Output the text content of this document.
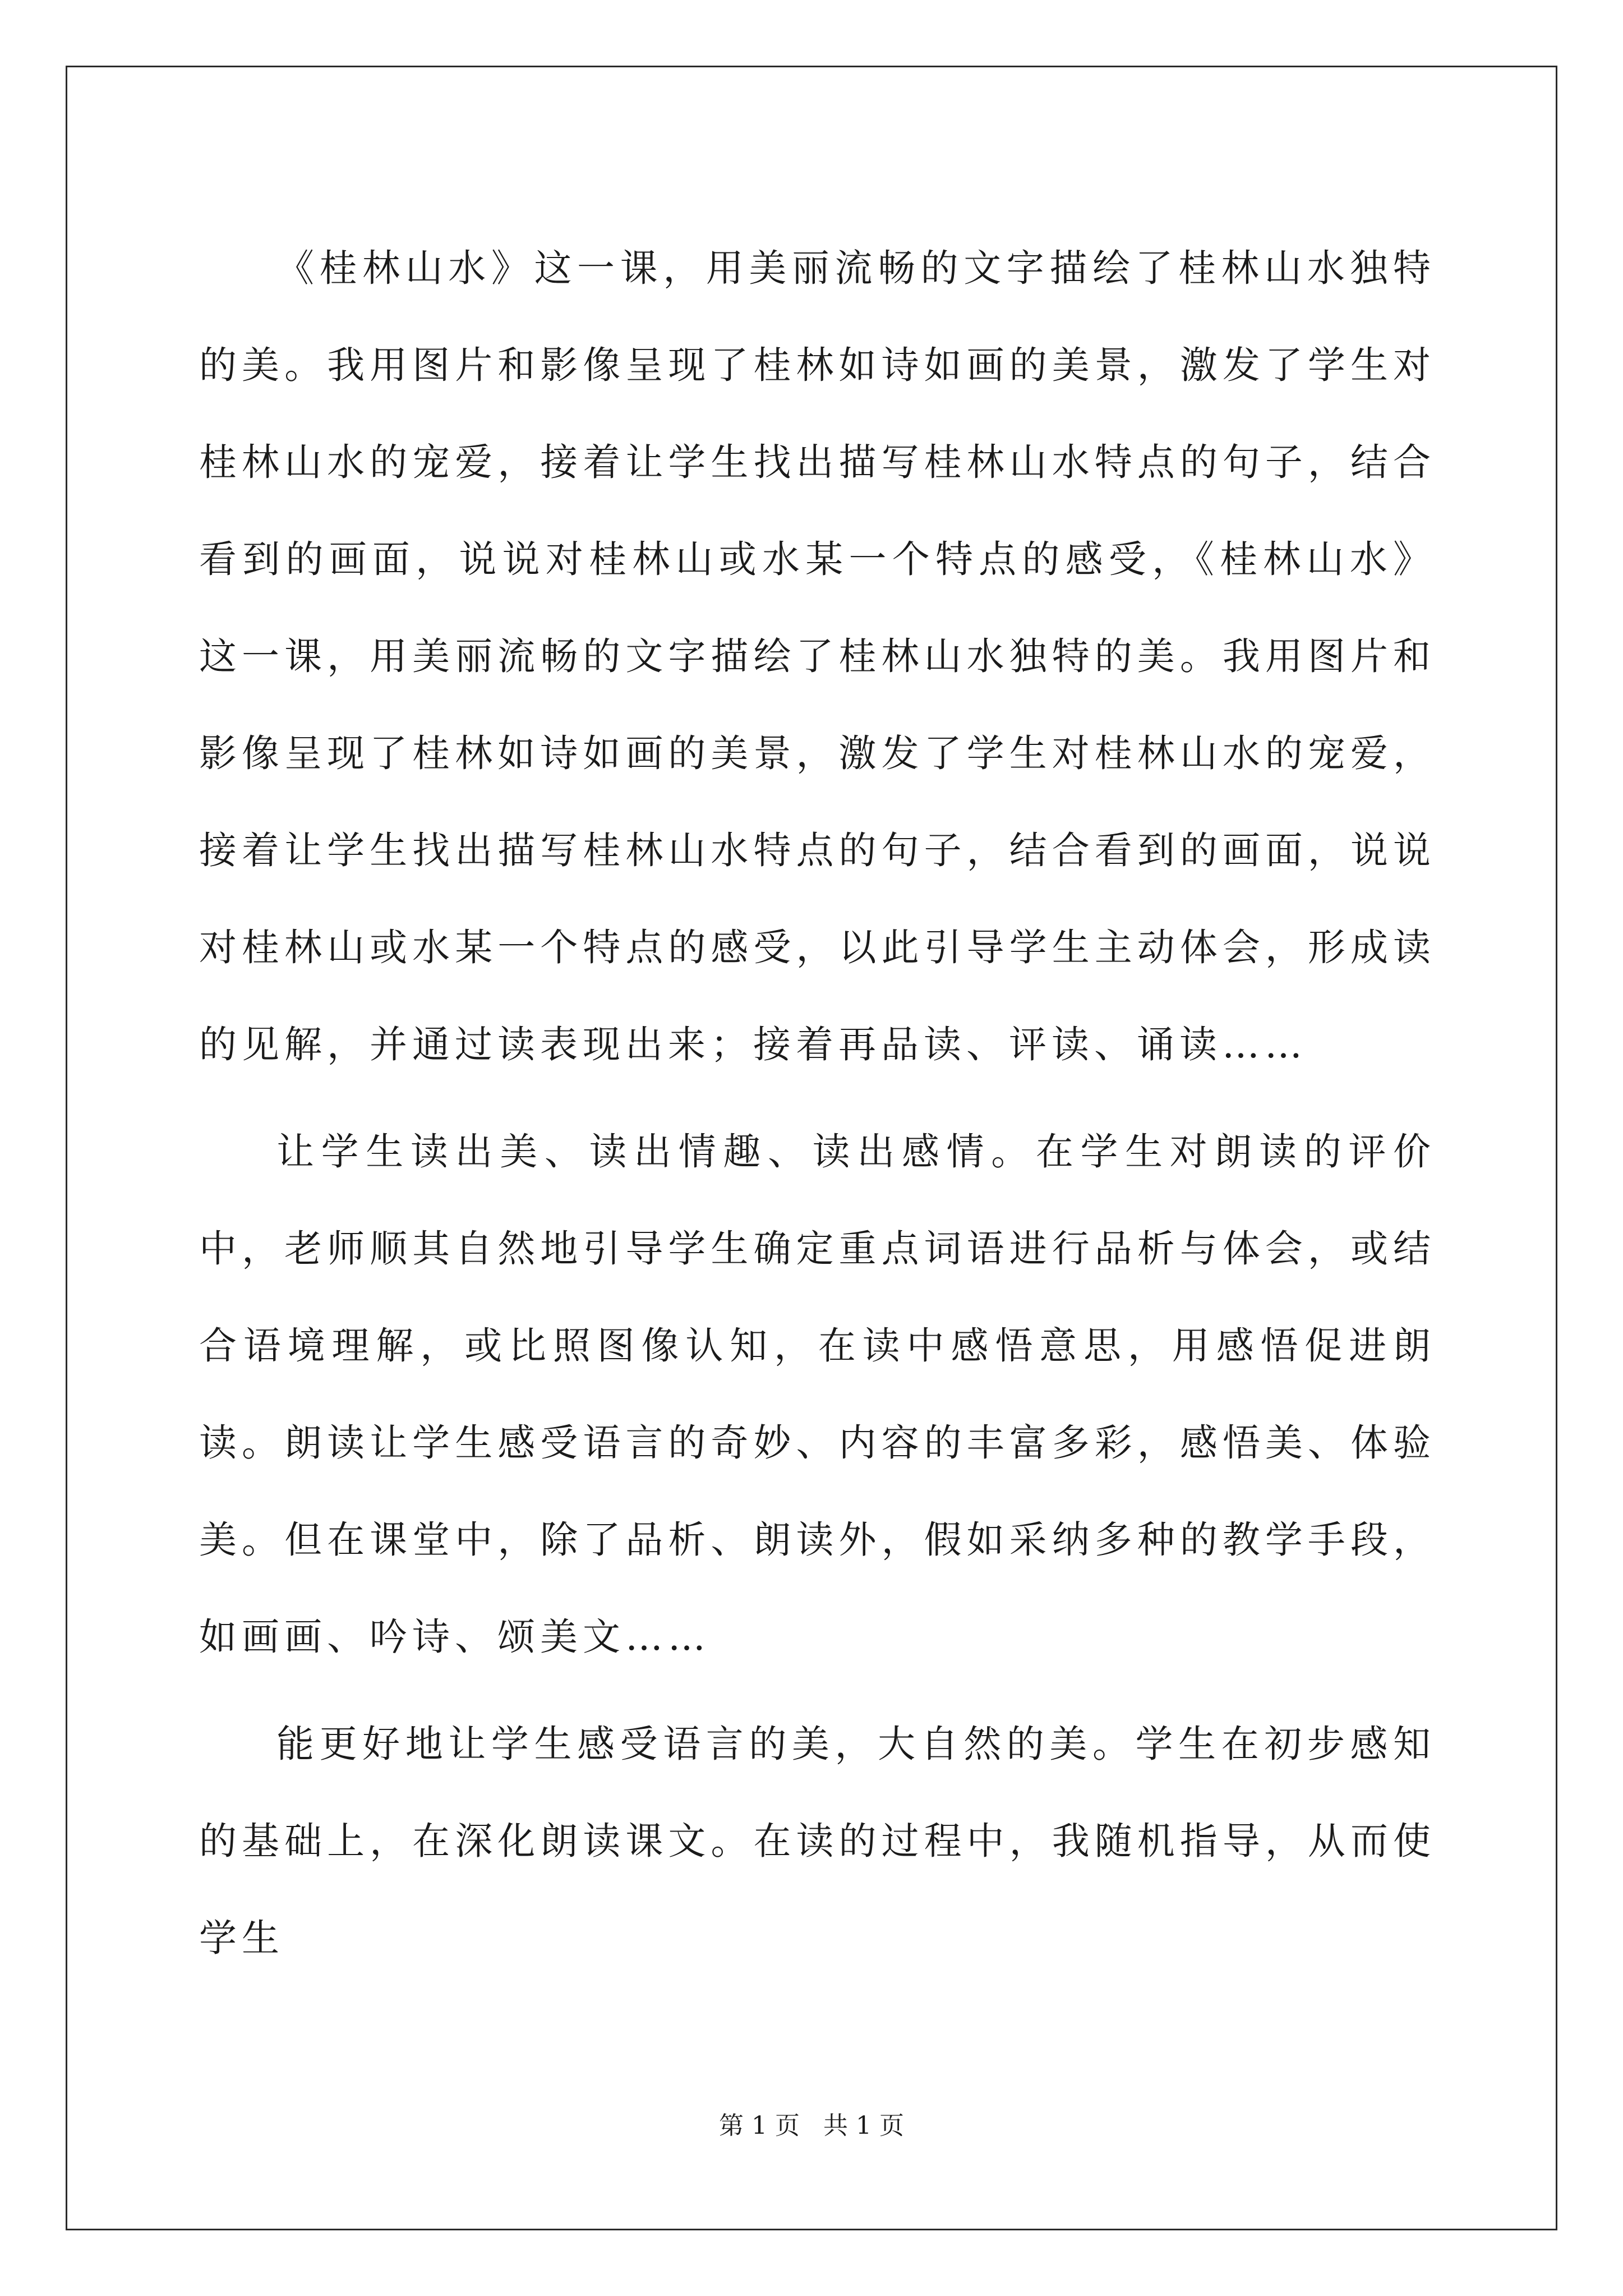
《桂林山水》这一课，用美丽流畅的文字描绘了桂林山水独特的美。我用图片和影像呈现了桂林如诗如画的美景，激发了学生对桂林山水的宠爱，接着让学生找出描写桂林山水特点的句子，结合看到的画面，说说对桂林山或水某一个特点的感受，《桂林山水》这一课，用美丽流畅的文字描绘了桂林山水独特的美。我用图片和影像呈现了桂林如诗如画的美景，激发了学生对桂林山水的宠爱，接着让学生找出描写桂林山水特点的句子，结合看到的画面，说说对桂林山或水某一个特点的感受，以此引导学生主动体会，形成读的见解，并通过读表现出来；接着再品读、评读、诵读……

让学生读出美、读出情趣、读出感情。在学生对朗读的评价中，老师顺其自然地引导学生确定重点词语进行品析与体会，或结合语境理解，或比照图像认知，在读中感悟意思，用感悟促进朗读。朗读让学生感受语言的奇妙、内容的丰富多彩，感悟美、体验美。但在课堂中，除了品析、朗读外，假如采纳多种的教学手段，如画画、吟诗、颂美文……

能更好地让学生感受语言的美，大自然的美。学生在初步感知的基础上，在深化朗读课文。在读的过程中，我随机指导，从而使学生

第 1 页   共 1 页
